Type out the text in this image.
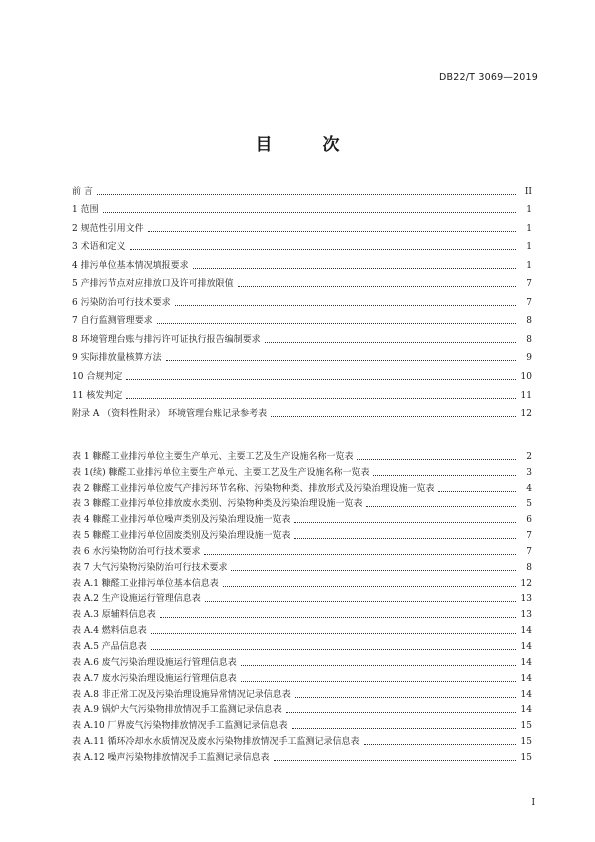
DB22/T 3069—2019
目 次
前 言	II
1 范围	1
2 规范性引用文件	1
3 术语和定义	1
4 排污单位基本情况填报要求	1
5 产排污节点对应排放口及许可排放限值	7
6 污染防治可行技术要求	7
7 自行监测管理要求	8
8 环境管理台账与排污许可证执行报告编制要求	8
9 实际排放量核算方法	9
10 合规判定	10
11 核发判定	11
附录 A （资料性附录） 环境管理台账记录参考表	12
表 1 糠醛工业排污单位主要生产单元、主要工艺及生产设施名称一览表	2
表 1(续) 糠醛工业排污单位主要生产单元、主要工艺及生产设施名称一览表	3
表 2 糠醛工业排污单位废气产排污环节名称、污染物种类、排放形式及污染治理设施一览表	4
表 3 糠醛工业排污单位排放废水类别、污染物种类及污染治理设施一览表	5
表 4 糠醛工业排污单位噪声类别及污染治理设施一览表	6
表 5 糠醛工业排污单位固废类别及污染治理设施一览表	7
表 6 水污染物防治可行技术要求	7
表 7 大气污染物污染防治可行技术要求	8
表 A.1 糠醛工业排污单位基本信息表	12
表 A.2 生产设施运行管理信息表	13
表 A.3 原辅料信息表	13
表 A.4 燃料信息表	14
表 A.5 产品信息表	14
表 A.6 废气污染治理设施运行管理信息表	14
表 A.7 废水污染治理设施运行管理信息表	14
表 A.8 非正常工况及污染治理设施异常情况记录信息表	14
表 A.9 锅炉大气污染物排放情况手工监测记录信息表	14
表 A.10 厂界废气污染物排放情况手工监测记录信息表	15
表 A.11 循环冷却水水质情况及废水污染物排放情况手工监测记录信息表	15
表 A.12 噪声污染物排放情况手工监测记录信息表	15
I
